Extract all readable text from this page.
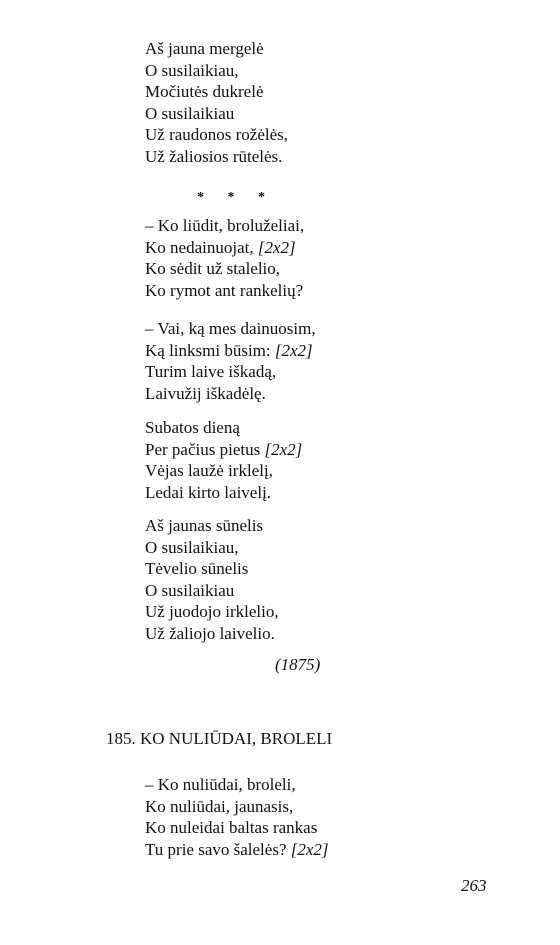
Aš jauna mergelė
O susilaikiau,
Močiutės dukrelė
O susilaikiau
Už raudonos rožėlės,
Už žaliosios rūtelės.
* * *
– Ko liūdit, broluželiai,
Ko nedainuojat, [2x2]
Ko sėdit už stalelio,
Ko rymot ant rankelių?
– Vai, ką mes dainuosim,
Ką linksmi būsim: [2x2]
Turim laive iškadą,
Laivužij iškadėlę.
Subatos dieną
Per pačius pietus [2x2]
Vėjas laužė irklelį,
Ledai kirto laivelį.
Aš jaunas sūnelis
O susilaikiau,
Tėvelio sūnelis
O susilaikiau
Už juodojo irklelio,
Už žaliojo laivelio.
(1875)
185. KO NULIŪDAI, BROLELI
– Ko nuliūdai, broleli,
Ko nuliūdai, jaunasis,
Ko nuleidai baltas rankas
Tu prie savo šalelės? [2x2]
263
